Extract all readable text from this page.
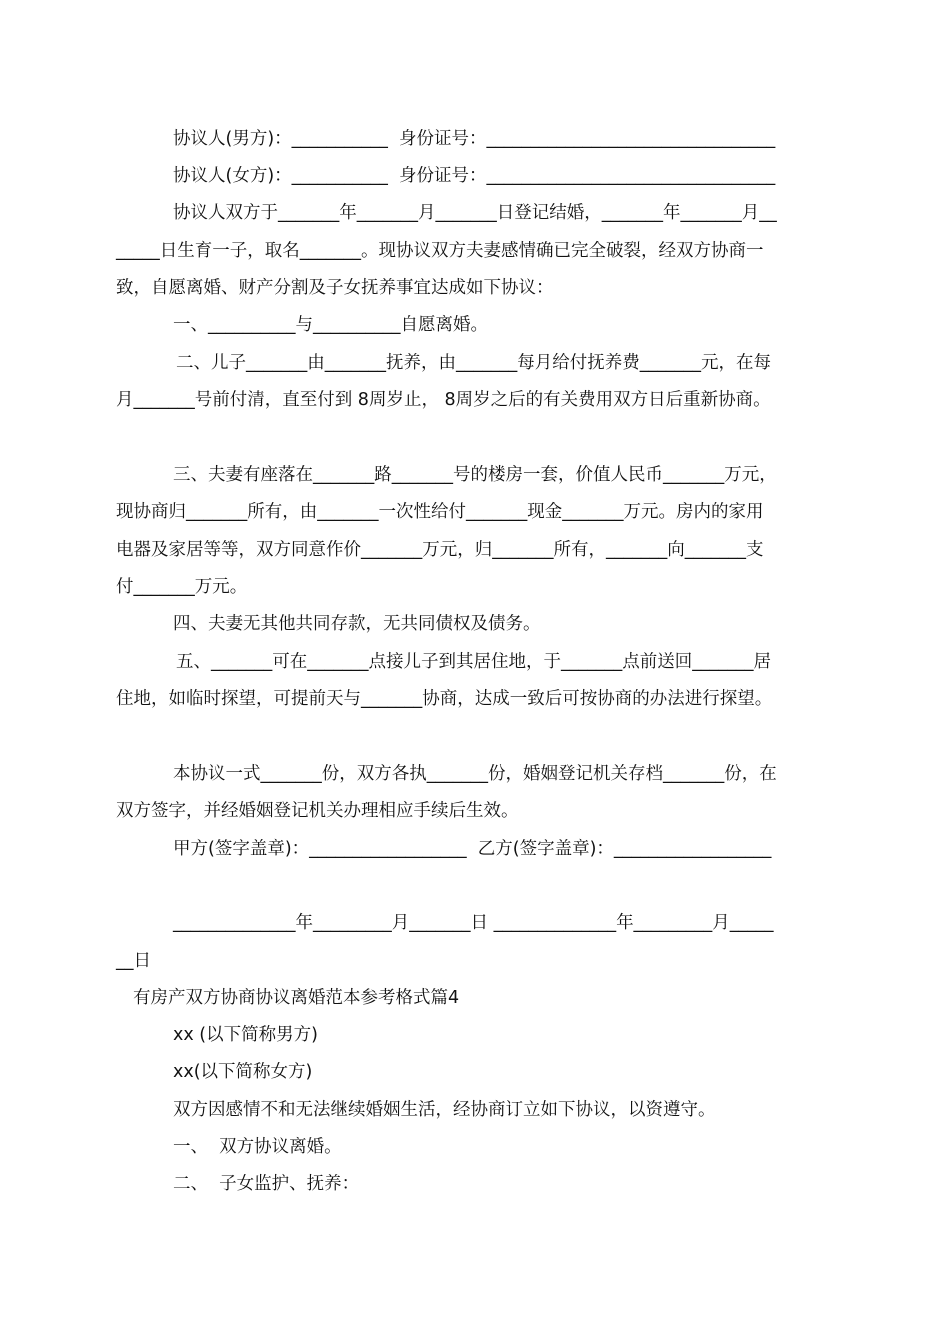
协议人(男方)：___________  身份证号：_________________________________
协议人(女方)：___________  身份证号：_________________________________
协议人双方于_______年_______月_______日登记结婚，_______年_______月__
_____日生育一子，取名_______。现协议双方夫妻感情确已完全破裂，经双方协商一
致，自愿离婚、财产分割及子女抚养事宜达成如下协议：
一、__________与__________自愿离婚。
二、儿子_______由_______抚养，由_______每月给付抚养费_______元，在每
月_______号前付清，直至付到 8周岁止， 8周岁之后的有关费用双方日后重新协商。
三、夫妻有座落在_______路_______号的楼房一套，价值人民币_______万元，
现协商归_______所有，由_______一次性给付_______现金_______万元。房内的家用
电器及家居等等，双方同意作价_______万元，归_______所有，_______向_______支
付_______万元。
四、夫妻无其他共同存款，无共同债权及债务。
五、_______可在_______点接儿子到其居住地，于_______点前送回_______居
住地，如临时探望，可提前天与_______协商，达成一致后可按协商的办法进行探望。
本协议一式_______份，双方各执_______份，婚姻登记机关存档_______份，在
双方签字，并经婚姻登记机关办理相应手续后生效。
甲方(签字盖章)：__________________  乙方(签字盖章)：__________________
______________年_________月_______日 ______________年_________月_____
__日
有房产双方协商协议离婚范本参考格式篇4
xx (以下简称男方)
xx(以下简称女方)
双方因感情不和无法继续婚姻生活，经协商订立如下协议，以资遵守。
一、  双方协议离婚。
二、  子女监护、抚养：
